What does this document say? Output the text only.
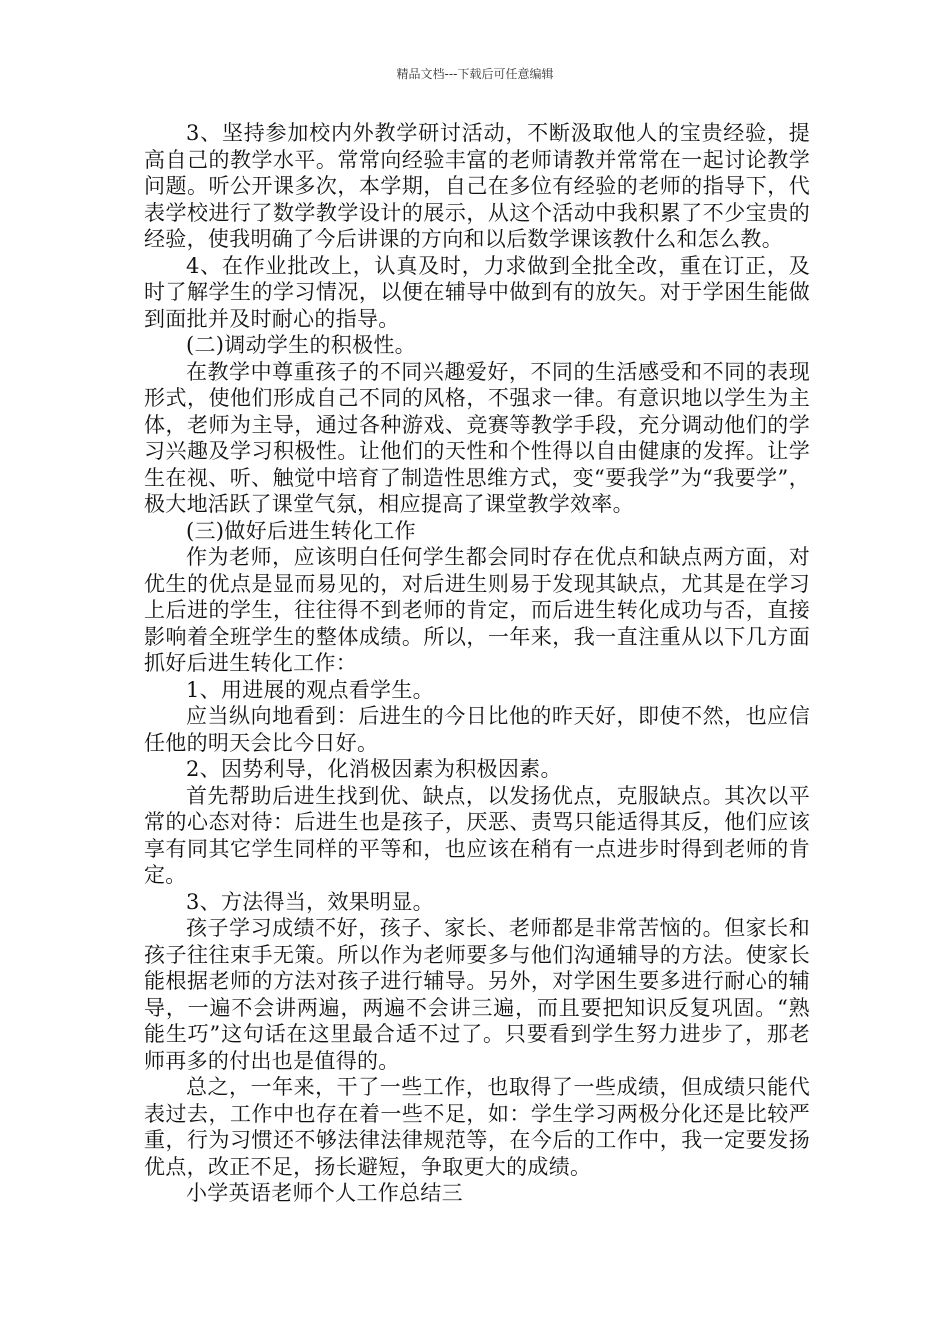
精品文档---下载后可任意编辑

3、坚持参加校内外教学研讨活动，不断汲取他人的宝贵经验，提高自己的教学水平。常常向经验丰富的老师请教并常常在一起讨论教学问题。听公开课多次，本学期，自己在多位有经验的老师的指导下，代表学校进行了数学教学设计的展示，从这个活动中我积累了不少宝贵的经验，使我明确了今后讲课的方向和以后数学课该教什么和怎么教。

4、在作业批改上，认真及时，力求做到全批全改，重在订正，及时了解学生的学习情况，以便在辅导中做到有的放矢。对于学困生能做到面批并及时耐心的指导。

(二)调动学生的积极性。

在教学中尊重孩子的不同兴趣爱好，不同的生活感受和不同的表现形式，使他们形成自己不同的风格，不强求一律。有意识地以学生为主体，老师为主导，通过各种游戏、竞赛等教学手段，充分调动他们的学习兴趣及学习积极性。让他们的天性和个性得以自由健康的发挥。让学生在视、听、触觉中培育了制造性思维方式，变“要我学”为“我要学”，极大地活跃了课堂气氛，相应提高了课堂教学效率。

(三)做好后进生转化工作

作为老师，应该明白任何学生都会同时存在优点和缺点两方面，对优生的优点是显而易见的，对后进生则易于发现其缺点，尤其是在学习上后进的学生，往往得不到老师的肯定，而后进生转化成功与否，直接影响着全班学生的整体成绩。所以，一年来，我一直注重从以下几方面抓好后进生转化工作：

1、用进展的观点看学生。

应当纵向地看到：后进生的今日比他的昨天好，即使不然，也应信任他的明天会比今日好。

2、因势利导，化消极因素为积极因素。

首先帮助后进生找到优、缺点，以发扬优点，克服缺点。其次以平常的心态对待：后进生也是孩子，厌恶、责骂只能适得其反，他们应该享有同其它学生同样的平等和，也应该在稍有一点进步时得到老师的肯定。

3、方法得当，效果明显。

孩子学习成绩不好，孩子、家长、老师都是非常苦恼的。但家长和孩子往往束手无策。所以作为老师要多与他们沟通辅导的方法。使家长能根据老师的方法对孩子进行辅导。另外，对学困生要多进行耐心的辅导，一遍不会讲两遍，两遍不会讲三遍，而且要把知识反复巩固。“熟能生巧”这句话在这里最合适不过了。只要看到学生努力进步了，那老师再多的付出也是值得的。

总之，一年来，干了一些工作，也取得了一些成绩，但成绩只能代表过去，工作中也存在着一些不足，如：学生学习两极分化还是比较严重，行为习惯还不够法律法律规范等，在今后的工作中，我一定要发扬优点，改正不足，扬长避短，争取更大的成绩。

小学英语老师个人工作总结三
